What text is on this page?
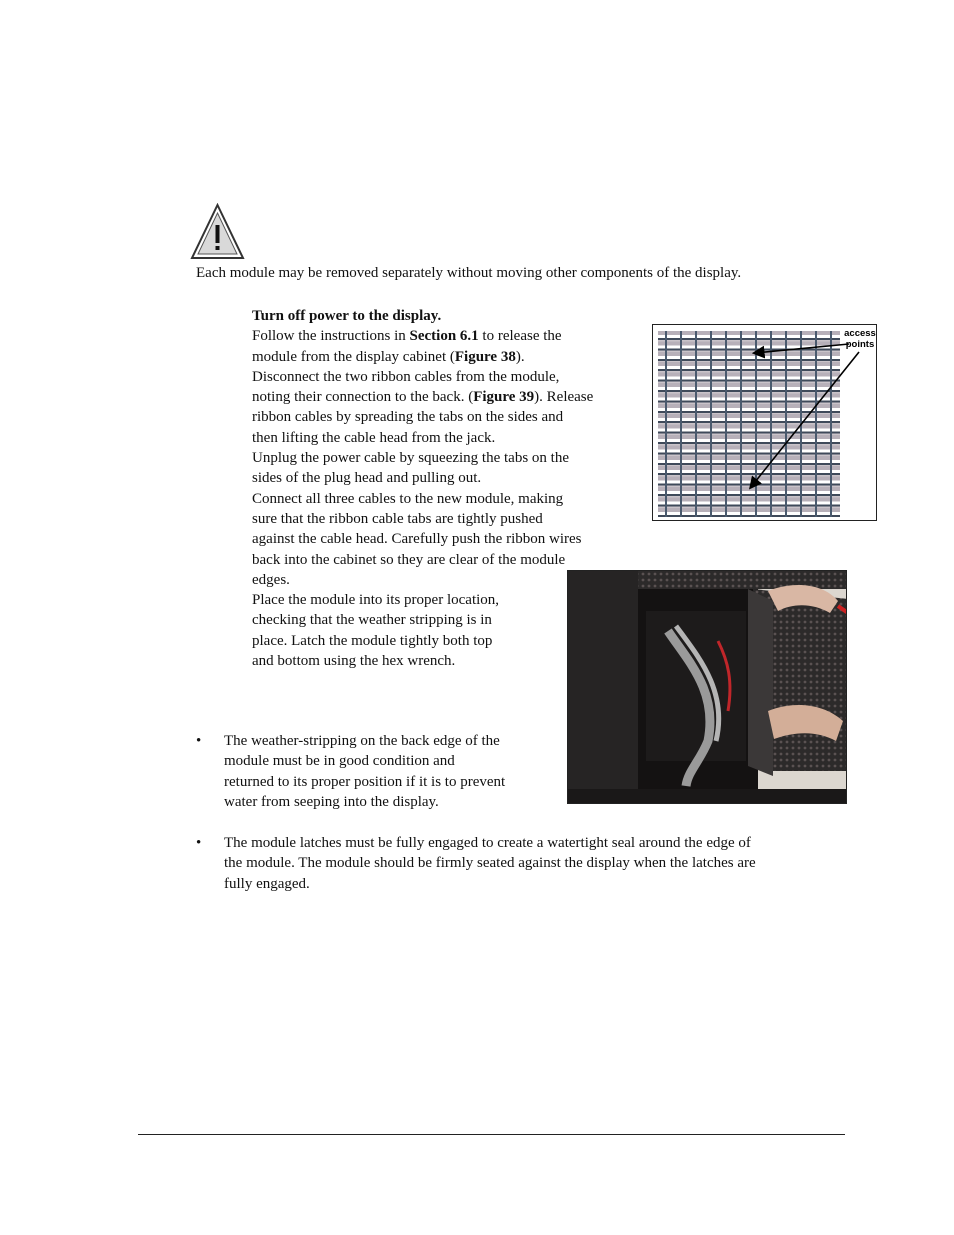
Each module may be removed separately without moving other components of the display.
Turn off power to the display.
Follow the instructions in Section 6.1 to release the
module from the display cabinet (Figure 38).
Disconnect the two ribbon cables from the module,
noting their connection to the back. (Figure 39). Release
ribbon cables by spreading the tabs on the sides and
then lifting the cable head from the jack.
Unplug the power cable by squeezing the tabs on the
sides of the plug head and pulling out.
Connect all three cables to the new module, making
sure that the ribbon cable tabs are tightly pushed
against the cable head. Carefully push the ribbon wires
back into the cabinet so they are clear of the module
edges.
Place the module into its proper location,
checking that the weather stripping is in
place. Latch the module tightly both top
and bottom using the hex wrench.
access
points
•	The weather-stripping on the back edge of the
module must be in good condition and
returned to its proper position if it is to prevent
water from seeping into the display.
•	The module latches must be fully engaged to create a watertight seal around the edge of
the module. The module should be firmly seated against the display when the latches are
fully engaged.
